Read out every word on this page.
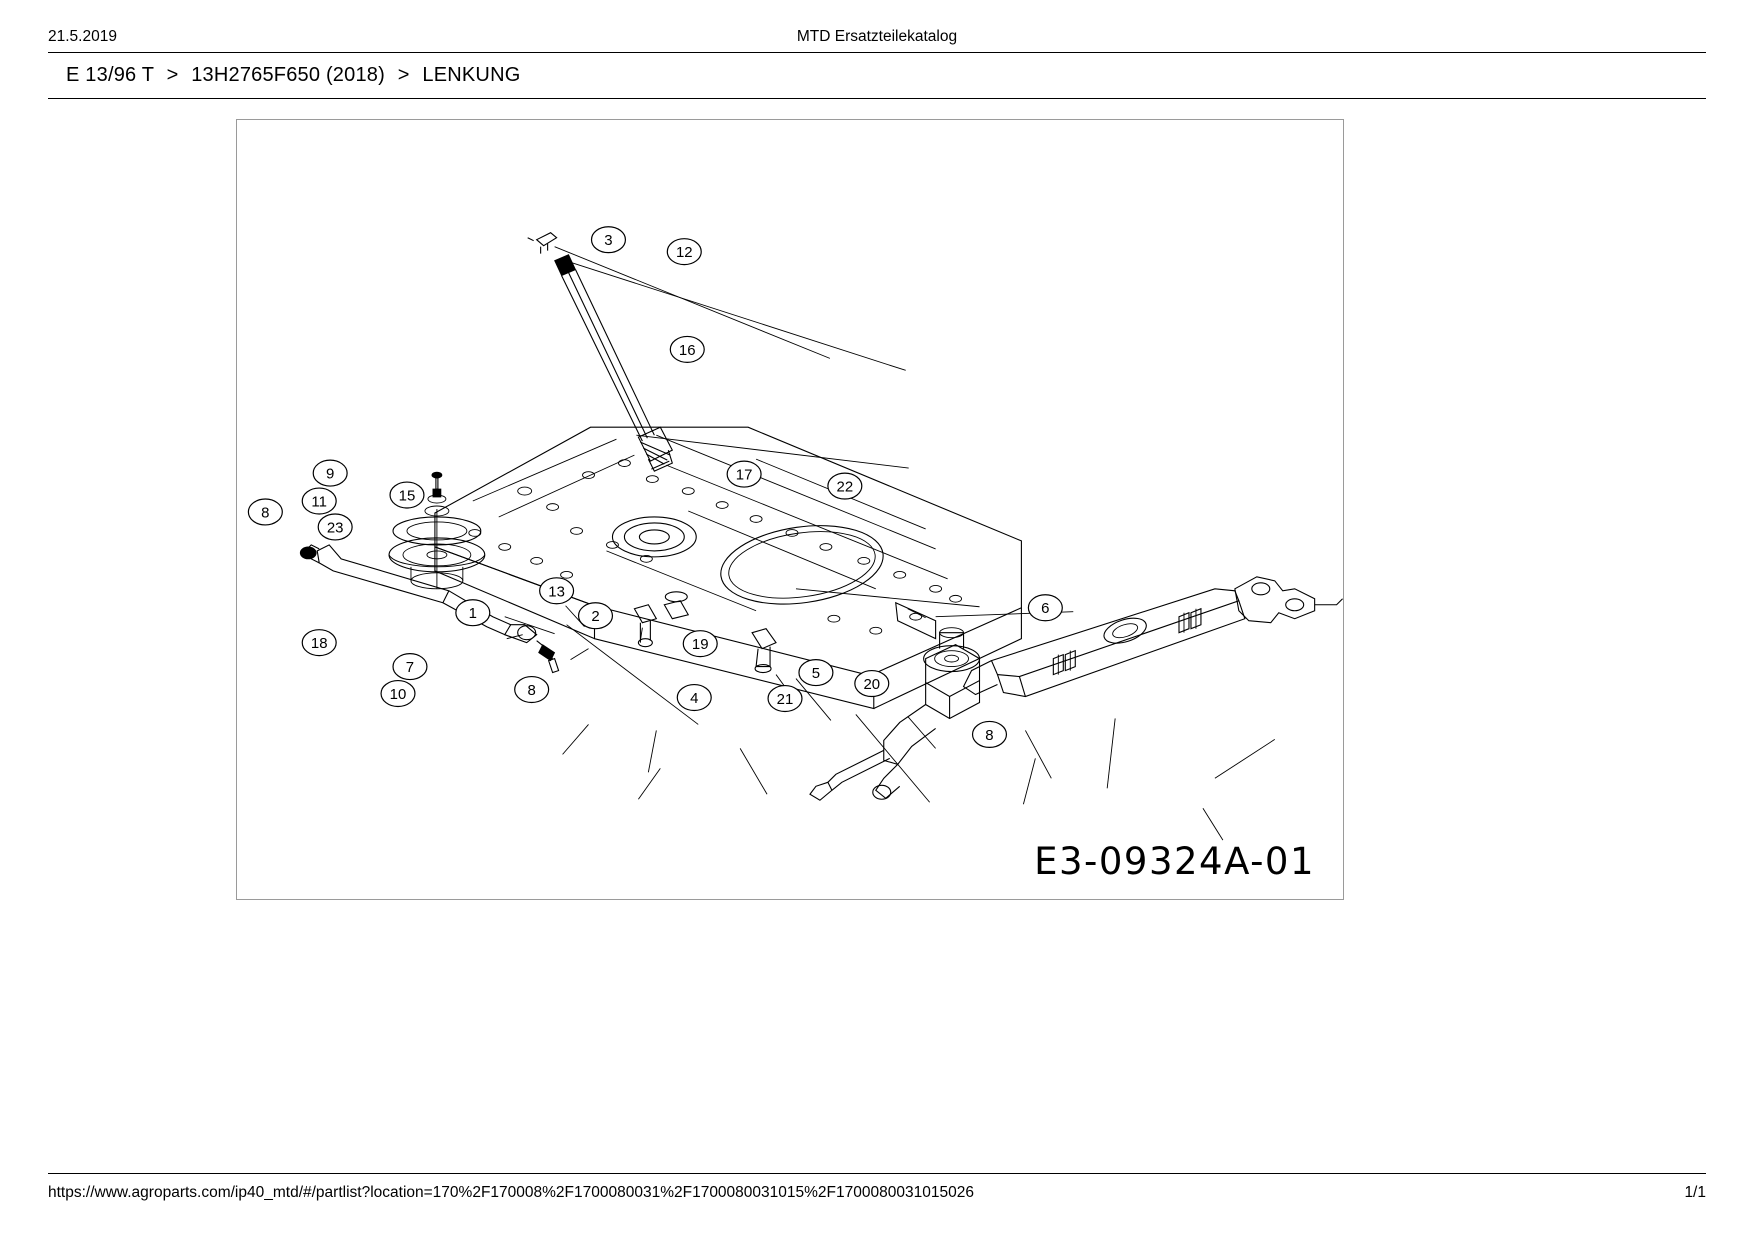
21.5.2019	MTD Ersatzteilekatalog
E 13/96 T > 13H2765F650 (2018) > LENKUNG
3
12
16
9
11	15
8
23
17
22
1
13
2
19
18
7
10	8	4
5
21
20
6
8
E3-09324A-01
https://www.agroparts.com/ip40_mtd/#/partlist?location=170%2F170008%2F1700080031%2F1700080031015%2F1700080031015026	1/1
